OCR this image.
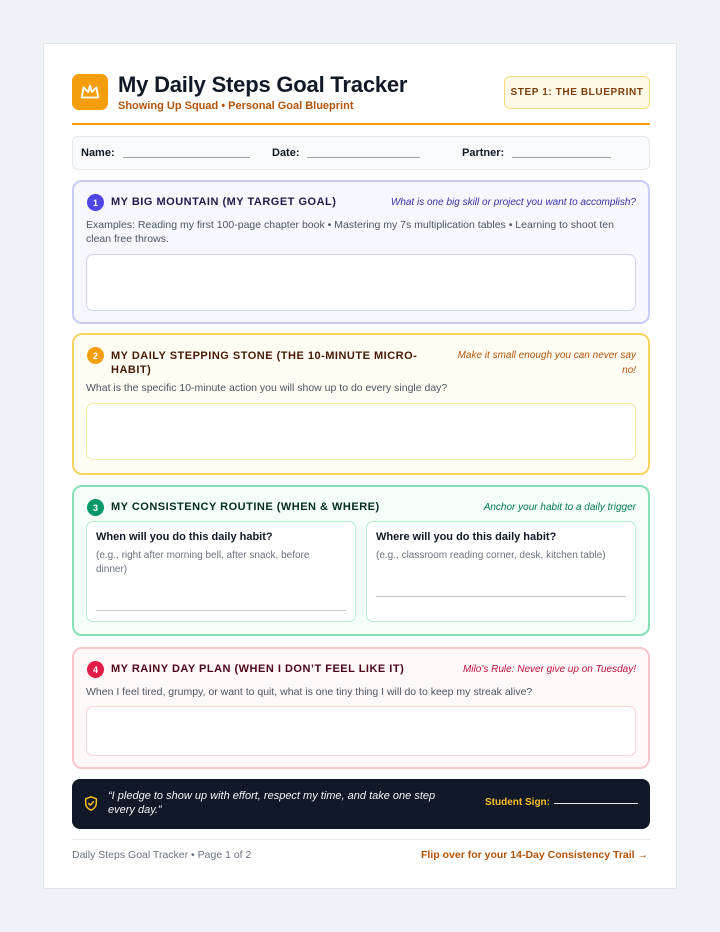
My Daily Steps Goal Tracker
Showing Up Squad • Personal Goal Blueprint
STEP 1: THE BLUEPRINT
Name:	Date:	Partner:
1	MY BIG MOUNTAIN (MY TARGET GOAL)	What is one big skill or project you want to accomplish?
Examples: Reading my first 100-page chapter book • Mastering my 7s multiplication tables • Learning to shoot ten clean free throws.
2	MY DAILY STEPPING STONE (THE 10-MINUTE MICRO-HABIT)
Make it small enough you can never say no!
What is the specific 10-minute action you will show up to do every single day?
3	MY CONSISTENCY ROUTINE (WHEN & WHERE)	Anchor your habit to a daily trigger
When will you do this daily habit?
(e.g., right after morning bell, after snack, before dinner)
Where will you do this daily habit?
(e.g., classroom reading corner, desk, kitchen table)
4	MY RAINY DAY PLAN (WHEN I DON’T FEEL LIKE IT)	Milo’s Rule: Never give up on Tuesday!
When I feel tired, grumpy, or want to quit, what is one tiny thing I will do to keep my streak alive?
“I pledge to show up with effort, respect my time, and take one step every day.”
Student Sign:
Daily Steps Goal Tracker • Page 1 of 2	Flip over for your 14-Day Consistency Trail →
